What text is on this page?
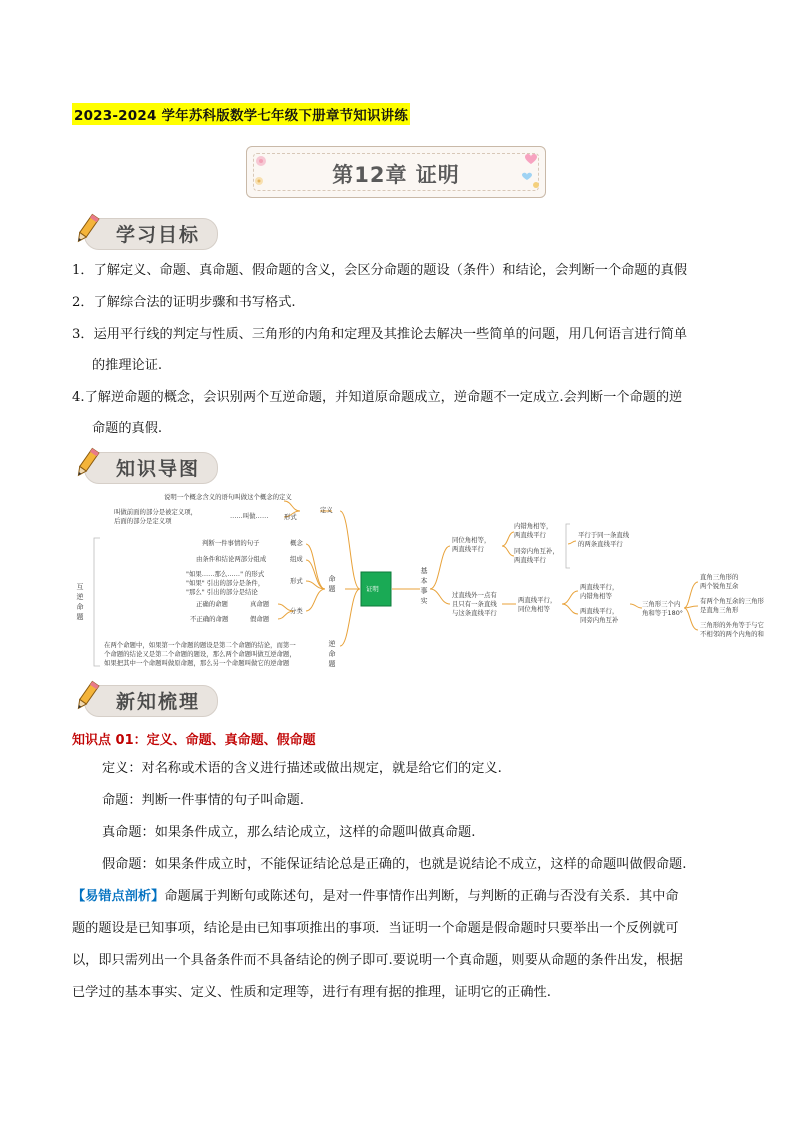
2023-2024 学年苏科版数学七年级下册章节知识讲练
第12章 证明
学习目标
1．了解定义、命题、真命题、假命题的含义，会区分命题的题设（条件）和结论，会判断一个命题的真假
2．了解综合法的证明步骤和书写格式.
3．运用平行线的判定与性质、三角形的内角和定理及其推论去解决一些简单的问题，用几何语言进行简单
的推理论证.
4.了解逆命题的概念，会识别两个互逆命题，并知道原命题成立，逆命题不一定成立.会判断一个命题的逆
命题的真假.
知识导图
证明
说明一个概念含义的语句叫做这个概念的定义
定义
叫做前面的部分是被定义项，
后面的部分是定义项
……叫做…… 形式
命
题
判断一件事情的句子	概念
由条件和结论两部分组成	组成
"如果……那么……" 的形式
"如果" 引出的部分是条件，
"那么" 引出的部分是结论
形式
正确的命题	真命题
不正确的命题	假命题
分类
互逆命题
在两个命题中，如果第一个命题的题设是第二个命题的结论，而第一
个命题的结论又是第二个命题的题设，那么两个命题叫做互逆命题，
如果把其中一个命题叫做原命题，那么另一个命题叫做它的逆命题
逆命题
基本事实
同位角相等，
两直线平行
内错角相等，
两直线平行
同旁内角互补，
两直线平行
平行于同一条直线
的两条直线平行
过直线外一点有
且只有一条直线
与这条直线平行
两直线平行，
同位角相等
两直线平行，
内错角相等
两直线平行，
同旁内角互补
三角形三个内
角和等于180°
直角三角形的
两个锐角互余
有两个角互余的三角形
是直角三角形
三角形的外角等于与它
不相邻的两个内角的和
新知梳理
知识点 01：定义、命题、真命题、假命题
定义：对名称或术语的含义进行描述或做出规定，就是给它们的定义.
命题：判断一件事情的句子叫命题.
真命题：如果条件成立，那么结论成立，这样的命题叫做真命题.
假命题：如果条件成立时，不能保证结论总是正确的，也就是说结论不成立，这样的命题叫做假命题.
【易错点剖析】命题属于判断句或陈述句，是对一件事情作出判断，与判断的正确与否没有关系．其中命
题的题设是已知事项，结论是由已知事项推出的事项．当证明一个命题是假命题时只要举出一个反例就可
以，即只需列出一个具备条件而不具备结论的例子即可.要说明一个真命题，则要从命题的条件出发，根据
已学过的基本事实、定义、性质和定理等，进行有理有据的推理，证明它的正确性.
